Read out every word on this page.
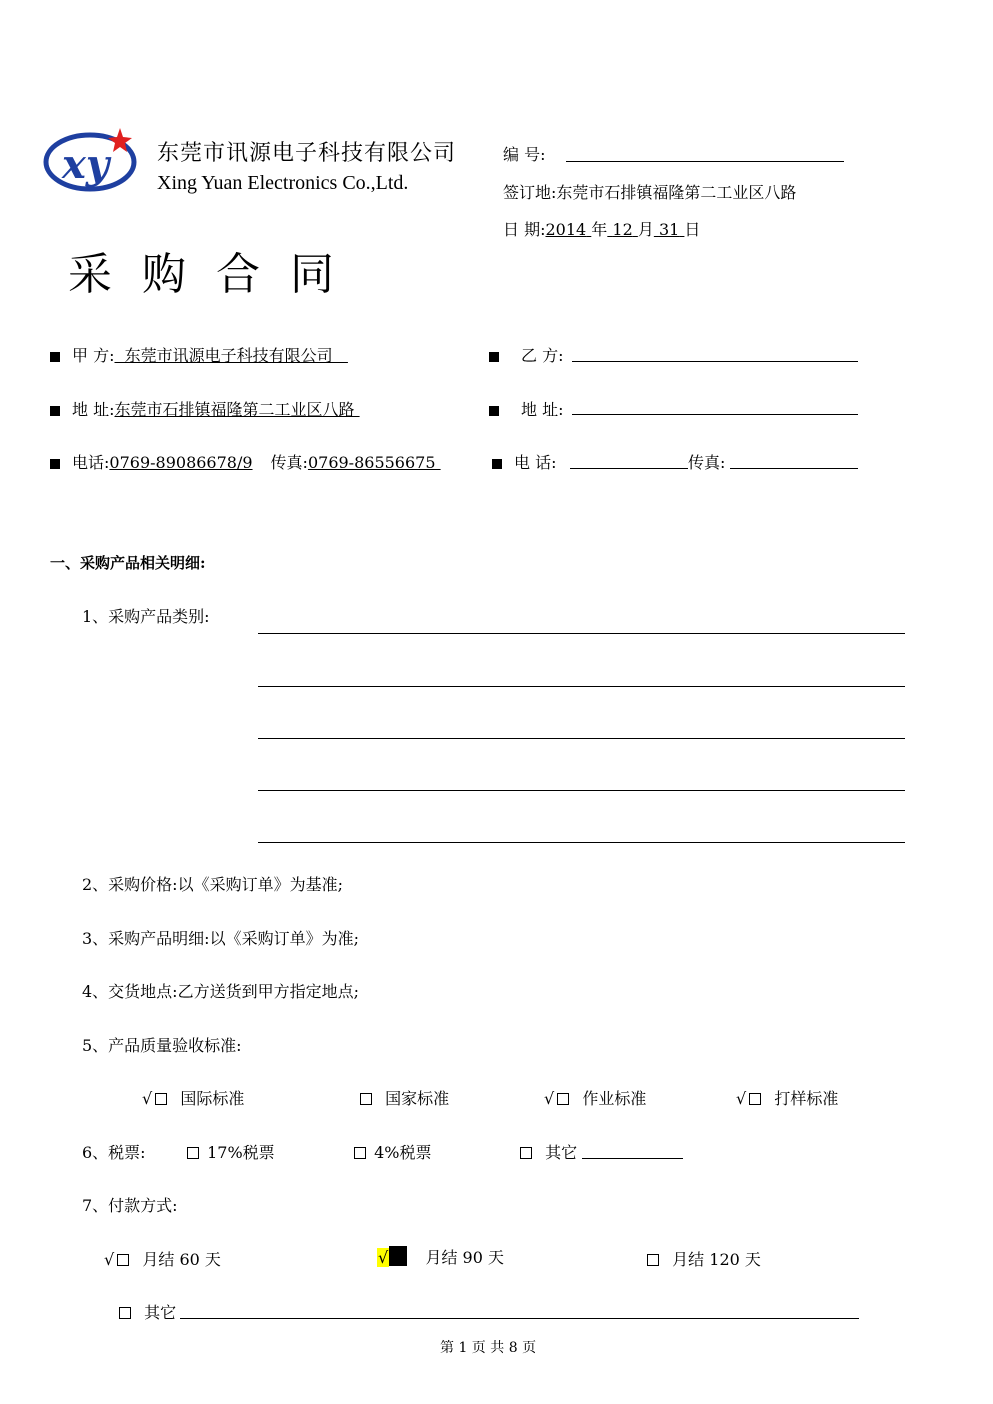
xy 东莞市讯源电子科技有限公司
Xing Yuan Electronics Co.,Ltd.
编 号:
签订地:东莞市石排镇福隆第二工业区八路
日 期:2014 年 12 月 31 日
采 购 合 同
甲 方:  东莞市讯源电子科技有限公司
地 址:东莞市石排镇福隆第二工业区八路
电话:0769-89086678/9 传真:0769-86556675
乙 方:
地 址:
电 话:	传真:
一、采购产品相关明细:
1、采购产品类别:
2、采购价格:以《采购订单》为基准;
3、采购产品明细:以《采购订单》为准;
4、交货地点:乙方送货到甲方指定地点;
5、产品质量验收标准:
√ 国际标准	国家标准	√ 作业标准	√ 打样标准
6、税票:	17%税票	4%税票	其它
7、付款方式:
√ 月结 60 天	√ 月结 90 天	月结 120 天
其它
第 1 页 共 8 页
